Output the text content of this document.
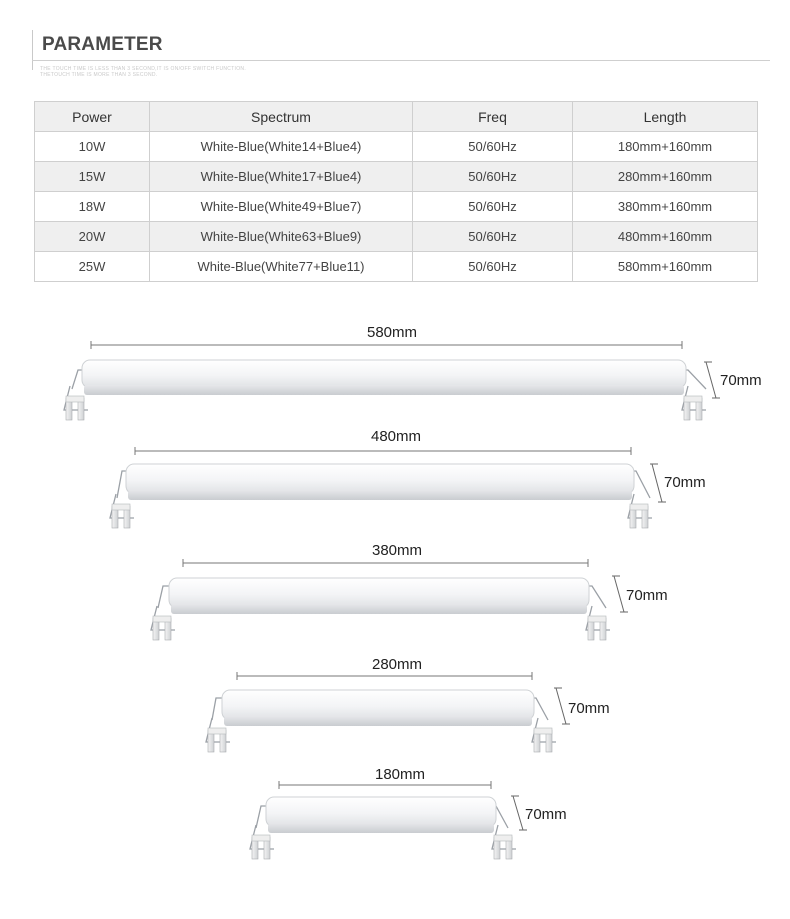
PARAMETER
THE TOUCH TIME IS LESS THAN 3 SECOND,IT IS ON/OFF SWITCH FUNCTION.
THETOUCH TIME IS MORE THAN 3 SECOND.
Power	Spectrum	Freq	Length
10W	White-Blue(White14+Blue4)	50/60Hz	180mm+160mm
15W	White-Blue(White17+Blue4)	50/60Hz	280mm+160mm
18W	White-Blue(White49+Blue7)	50/60Hz	380mm+160mm
20W	White-Blue(White63+Blue9)	50/60Hz	480mm+160mm
25W	White-Blue(White77+Blue11)	50/60Hz	580mm+160mm
580mm
70mm
480mm
70mm
380mm
70mm
280mm
70mm
180mm
70mm
